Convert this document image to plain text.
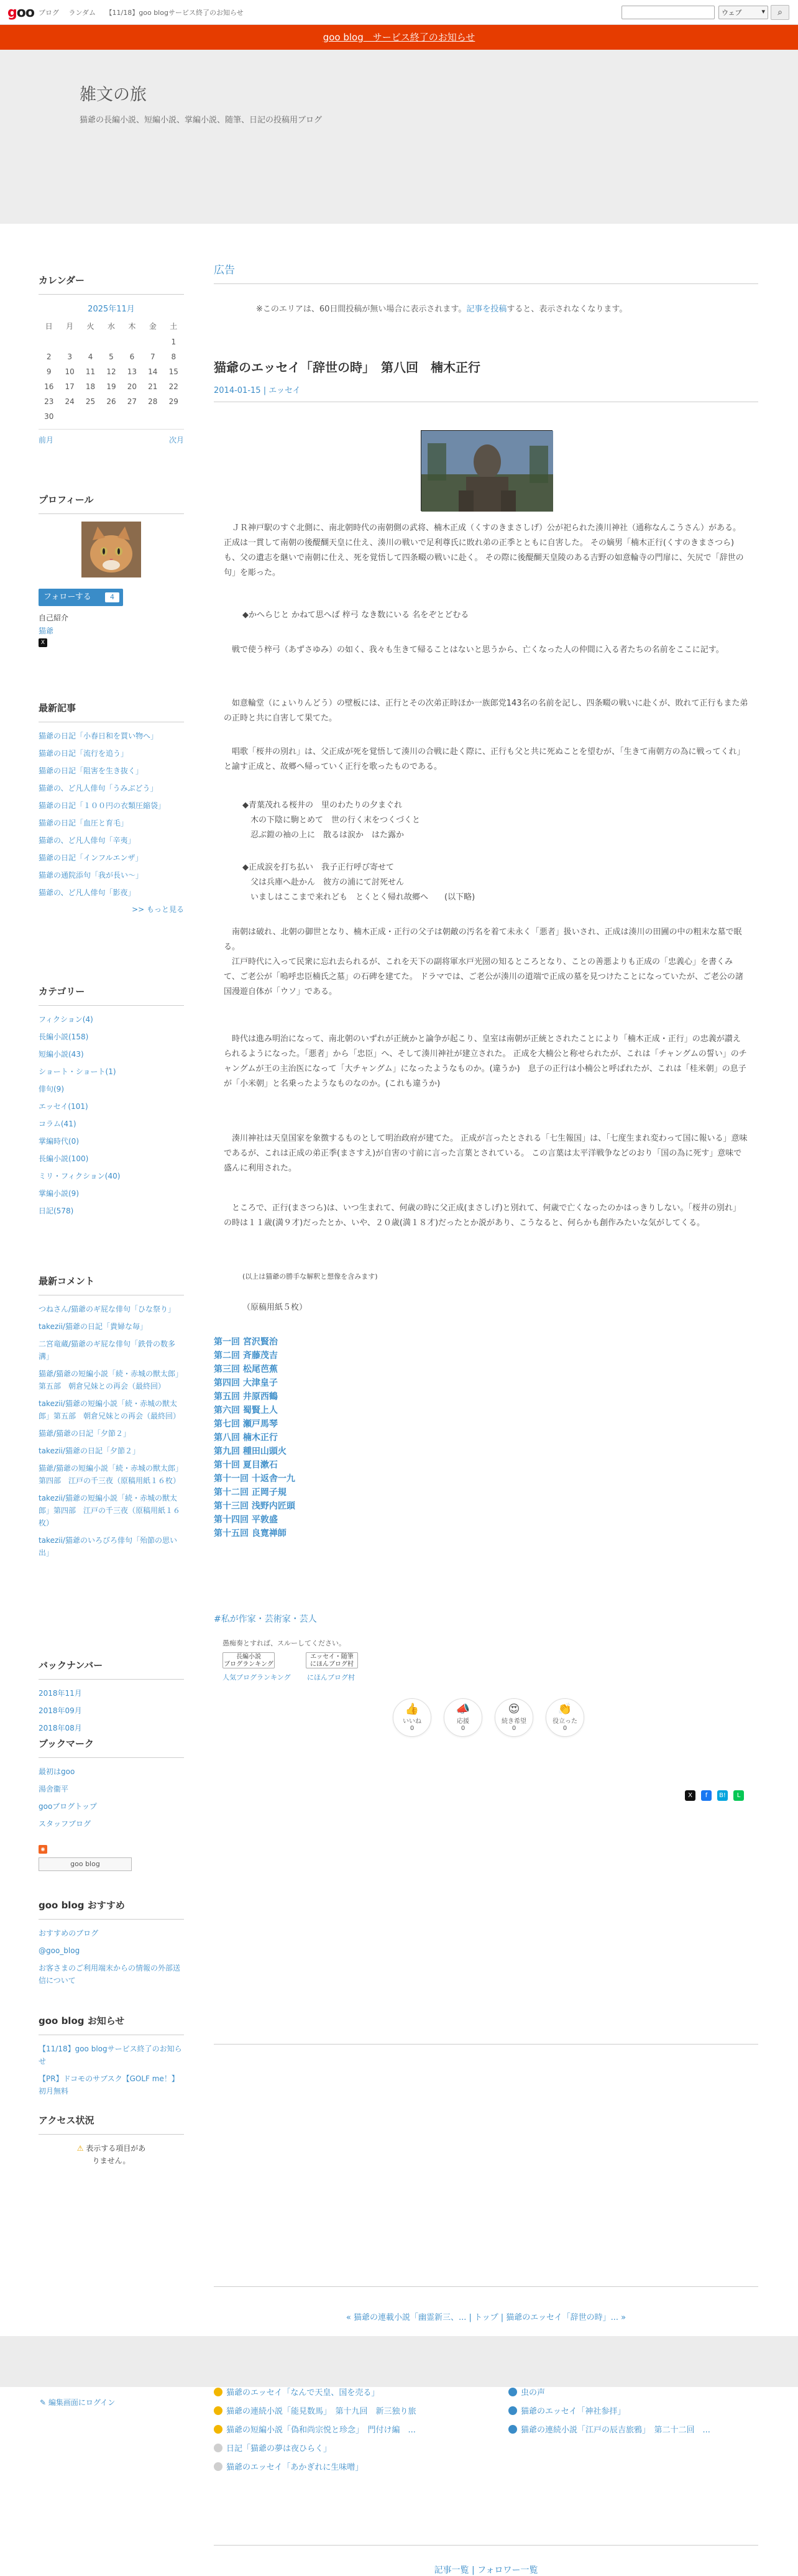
goo ブログ ランダム 【11/18】goo blogサービス終了のお知らせ	ウェブ	▾	⌕
goo blog　サービス終了のお知らせ
雑文の旅
猫爺の長編小説、短編小説、掌編小説、随筆、日記の投稿用ブログ
カレンダー
2025年11月
日	月	火	水	木	金	土
						1
2	3	4	5	6	7	8
9	10	11	12	13	14	15
16	17	18	19	20	21	22
23	24	25	26	27	28	29
30						
前月	次月
プロフィール
フォローする	4
自己紹介
猫爺
X
最新記事
猫爺の日記「小春日和を買い物へ」
猫爺の日記「流行を追う」
猫爺の日記「阻害を生き抜く」
猫爺の、ど凡人俳句「うみぶどう」
猫爺の日記「１００円の衣類圧縮袋」
猫爺の日記「血圧と育毛」
猫爺の、ど凡人俳句「辛夷」
猫爺の日記「インフルエンザ」
猫爺の通院添句「我が長い〜」
猫爺の、ど凡人俳句「影夜」
>> もっと見る
カテゴリー
フィクション(4)
長編小説(158)
短編小説(43)
ショート・ショート(1)
俳句(9)
エッセイ(101)
コラム(41)
掌編時代(0)
長編小説(100)
ミリ・フィクション(40)
掌編小説(9)
日記(578)
最新コメント
つねさん/猫爺のギ屁な俳句「ひな祭り」
takezii/猫爺の日記「貴婦な毎」
二宮竜蔵/猫爺のギ屁な俳句「鉄骨の数多溝」
猫爺/猫爺の短編小説「続・赤城の獣太郎」第五部　朝倉兄妹との再会（最終回）
takezii/猫爺の短編小説「続・赤城の獣太郎」第五部　朝倉兄妹との再会（最終回）
猫爺/猫爺の日記「夕節２」
takezii/猫爺の日記「夕節２」
猫爺/猫爺の短編小説「続・赤城の獣太郎」第四部　江戸の千三夜（原稿用紙１６枚）
takezii/猫爺の短編小説「続・赤城の獣太郎」第四部　江戸の千三夜（原稿用紙１６枚）
takezii/猫爺のいろびろ俳句「殆節の思い出」
バックナンバー
2018年11月
2018年09月
2018年08月
ブックマーク
最初はgoo
湯舍衞平
gooブログトップ
スタッフブログ
◉
goo blog
goo blog おすすめ
おすすめのブログ
@goo_blog
お客さまのご利用端末からの情報の外部送信について
goo blog お知らせ
【11/18】goo blogサービス終了のお知らせ
【PR】ドコモのサブスク【GOLF me！】初月無料
アクセス状況
⚠ 表示する項目がありません。
広告
※このエリアは、60日間投稿が無い場合に表示されます。記事を投稿すると、表示されなくなります。
猫爺のエッセイ「辞世の時」　第八回　楠木正行
2014-01-15 | エッセイ
　ＪＲ神戸駅のすぐ北側に、南北朝時代の南朝側の武将、楠木正成（くすのきまさしげ）公が祀られた湊川神社（通称なんこうさん）がある。 正成は一貫して南朝の後醍醐天皇に仕え、湊川の戦いで足利尊氏に敗れ弟の正季とともに自害した。 その嫡男「楠木正行(くすのきまさつら)も、父の遺志を継いで南朝に仕え、死を覚悟して四条畷の戦いに赴く。 その際に後醍醐天皇陵のある吉野の如意輪寺の門扉に、矢尻で「辞世の句」を彫った。
◆かへらじと かねて思へば 梓弓 なき数にいる 名をぞとどむる
　戦で使う梓弓（あずさゆみ）の如く、我々も生きて帰ることはないと思うから、亡くなった人の仲間に入る者たちの名前をここに記す。
　如意輪堂（にょいりんどう）の壁板には、正行とその次弟正時ほか一族郎党143名の名前を記し、四条畷の戦いに赴くが、敗れて正行もまた弟の正時と共に自害して果てた。
　唱歌「桜井の別れ」は、父正成が死を覚悟して湊川の合戦に赴く際に、正行も父と共に死ぬことを望むが、「生きて南朝方の為に戦ってくれ」と諭す正成と、故郷へ帰っていく正行を歌ったものである。
◆青葉茂れる桜井の　里のわたりの夕まぐれ
　木の下陰に駒とめて　世の行く末をつくづくと
　忍ぶ鎧の袖の上に　散るは涙か　はた露か
◆正成涙を打ち払い　我子正行呼び寄せて
　父は兵庫へ赴かん　彼方の浦にて討死せん
　いましはここまで来れども　とくとく帰れ故郷へ　　(以下略)
　南朝は破れ、北朝の御世となり、楠木正成・正行の父子は朝敵の汚名を着て未永く「悪者」扱いされ、正成は湊川の田圃の中の粗末な墓で眠る。
　江戸時代に入って民衆に忘れ去られるが、これを天下の副将軍水戸光圀の知るところとなり、ことの善悪よりも正成の「忠義心」を書くみて、ご老公が「嗚呼忠臣楠氏之墓」の石碑を建てた。 ドラマでは、ご老公が湊川の道端で正成の墓を見つけたことになっていたが、ご老公の諸国漫遊自体が「ウソ」である。
　時代は進み明治になって、南北朝のいずれが正統かと論争が起こり、皇室は南朝が正統とされたことにより「楠木正成・正行」の忠義が讃えられるようになった。「悪者」から「忠臣」へ、そして湊川神社が建立された。 正成を大楠公と称せられたが、これは「チャングムの誓い」のチャングムが王の主治医になって「大チャングム」になったようなものか。(違うか)　息子の正行は小楠公と呼ばれたが、これは「桂米朝」の息子が「小米朝」と名乗ったようなものなのか。(これも違うか)
　湊川神社は天皇国家を象徴するものとして明治政府が建てた。 正成が言ったとされる「七生報国」は、「七度生まれ変わって国に報いる」意味であるが、これは正成の弟正季(まさすえ)が自害の寸前に言った言葉とされている。 この言葉は太平洋戦争などのおり「国の為に死す」意味で盛んに利用された。
　ところで、正行(まさつら)は、いつ生まれて、何歳の時に父正成(まさしげ)と別れて、何歳で亡くなったのかはっきりしない。「桜井の別れ」の時は１１歳(満９才)だったとか、いや、２０歳(満１８才)だったとか説があり、こうなると、何らかも創作みたいな気がしてくる。
(以上は猫爺の勝手な解釈と想像を含みます)
（原稿用紙５枚）
第一回 宮沢賢治
第二回 斉藤茂吉
第三回 松尾芭蕉
第四回 大津皇子
第五回 井原西鶴
第六回 蜀賢上人
第七回 瀬戸馬琴
第八回 楠木正行
第九回 種田山頭火
第十回 夏目漱石
第十一回 十返舎一九
第十二回 正岡子規
第十三回 浅野内匠頭
第十四回 平敦盛
第十五回 良寛禅師
#私が作家・芸術家・芸人
愚痴奏とすれば、スルーしてください。
長編小説
ブログランキング
エッセイ・随筆
にほんブログ村
人気ブログランキング にほんブログ村
👍
いいね
0
📣
応援
0
😍
続き希望
0
👏
役立った
0
X	f	B!	L
« 猫爺の連載小説「幽霊新三、... | トップ | 猫爺のエッセイ「辞世の時」... »
猫爺のエッセイ「なんで天皇、国を売る」	虫の声
猫爺の連続小説「能見数馬」　第十九回　新三独り旅	猫爺のエッセイ「神社参拝」
猫爺の短編小説「偽和尚宗悦と珍念」　門付け編　...	猫爺の連続小説「江戸の辰吉旅鴉」　第二十二回　...
日記「猫爺の夢は夜ひらく」
猫爺のエッセイ「あかぎれに生味噌」
記事一覧 | フォロワー一覧
✎ 編集画面にログイン
